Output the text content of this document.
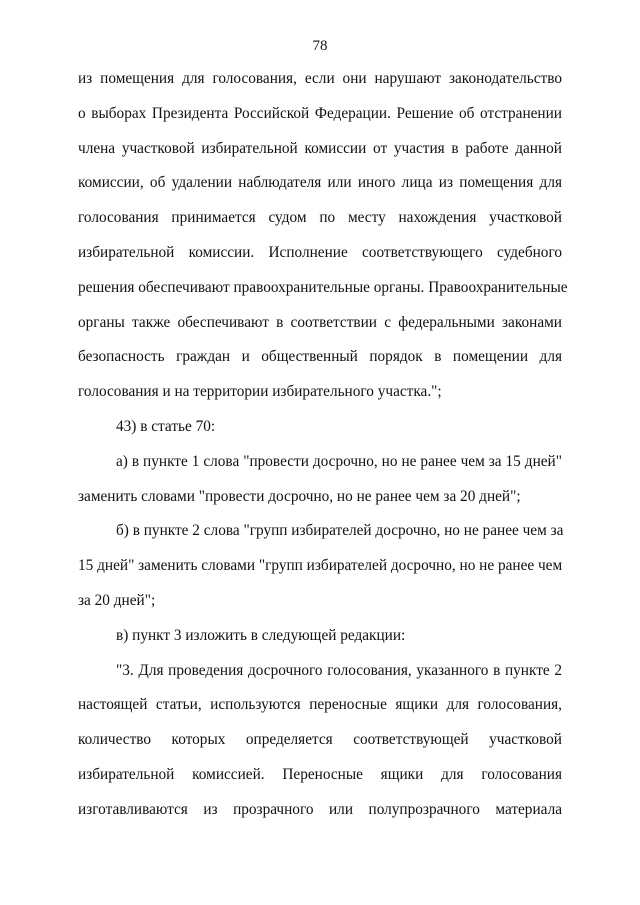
78
из помещения для голосования, если они нарушают законодательство
о выборах Президента Российской Федерации. Решение об отстранении
члена участковой избирательной комиссии от участия в работе данной
комиссии, об удалении наблюдателя или иного лица из помещения для
голосования принимается судом по месту нахождения участковой
избирательной комиссии. Исполнение соответствующего судебного
решения обеспечивают правоохранительные органы. Правоохранительные
органы также обеспечивают в соответствии с федеральными законами
безопасность граждан и общественный порядок в помещении для
голосования и на территории избирательного участка.";
43) в статье 70:
а) в пункте 1 слова "провести досрочно, но не ранее чем за 15 дней"
заменить словами "провести досрочно, но не ранее чем за 20 дней";
б) в пункте 2 слова "групп избирателей досрочно, но не ранее чем за
15 дней" заменить словами "групп избирателей досрочно, но не ранее чем
за 20 дней";
в) пункт 3 изложить в следующей редакции:
"3. Для проведения досрочного голосования, указанного в пункте 2
настоящей статьи, используются переносные ящики для голосования,
количество которых определяется соответствующей участковой
избирательной комиссией. Переносные ящики для голосования
изготавливаются из прозрачного или полупрозрачного материала
